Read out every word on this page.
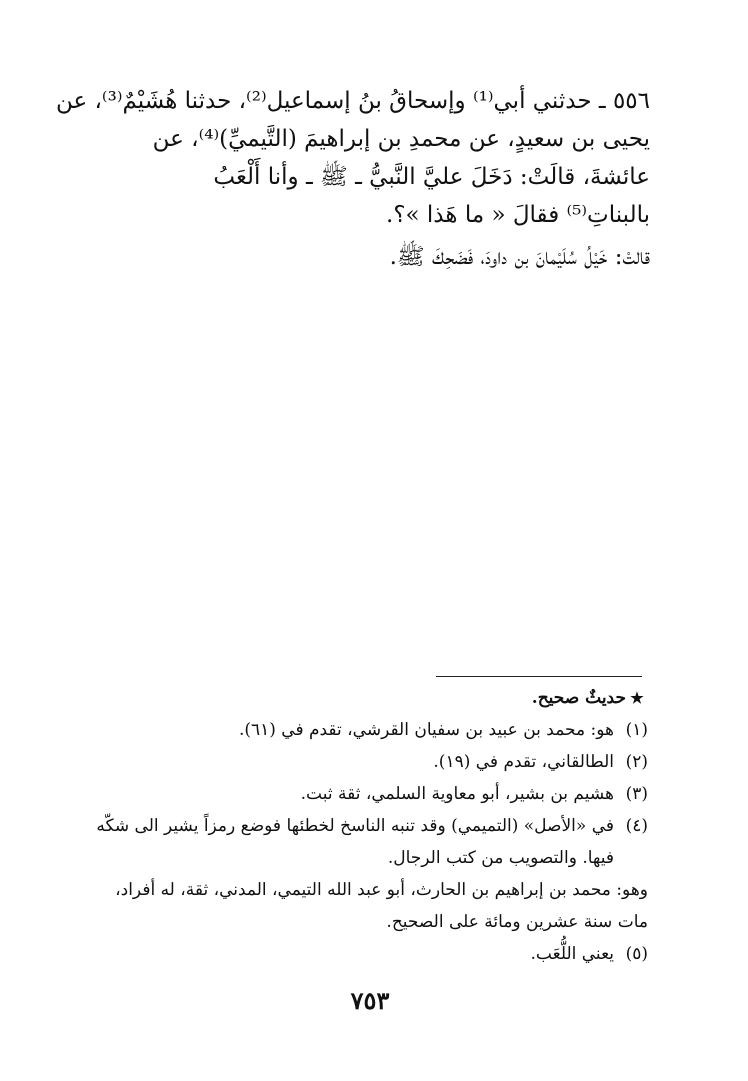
٥٥٦ ـ حدثني أبي⁽¹⁾ وإسحاقُ بنُ إسماعيل⁽²⁾، حدثنا هُشَيْمٌ⁽³⁾، عن
يحيى بن سعيدٍ، عن محمدِ بن إبراهيمَ (التَّيميِّ)⁽⁴⁾، عن
عائشةَ، قالَتْ: دَخَلَ عليَّ النَّبيُّ ـ ﷺ ـ وأنا أَلْعَبُ
بالبناتِ⁽⁵⁾ فقالَ « ما هَذا »؟.
قالتْ: خَيْلُ سُلَيْمانَ بن داودَ، فَضَحِكَ ﷺ.
★حديثٌ صحيح.
(١)هو: محمد بن عبيد بن سفيان القرشي، تقدم في (٦١).
(٢)الطالقاني، تقدم في (١٩).
(٣)هشيم بن بشير، أبو معاوية السلمي، ثقة ثبت.
(٤)في «الأصل» (التميمي) وقد تنبه الناسخ لخطئها فوضع رمزاً يشير الى شكّه
فيها. والتصويب من كتب الرجال.
وهو: محمد بن إبراهيم بن الحارث، أبو عبد الله التيمي، المدني، ثقة، له أفراد،
مات سنة عشرين ومائة على الصحيح.
(٥)يعني اللُّعَب.
٧٥٣
